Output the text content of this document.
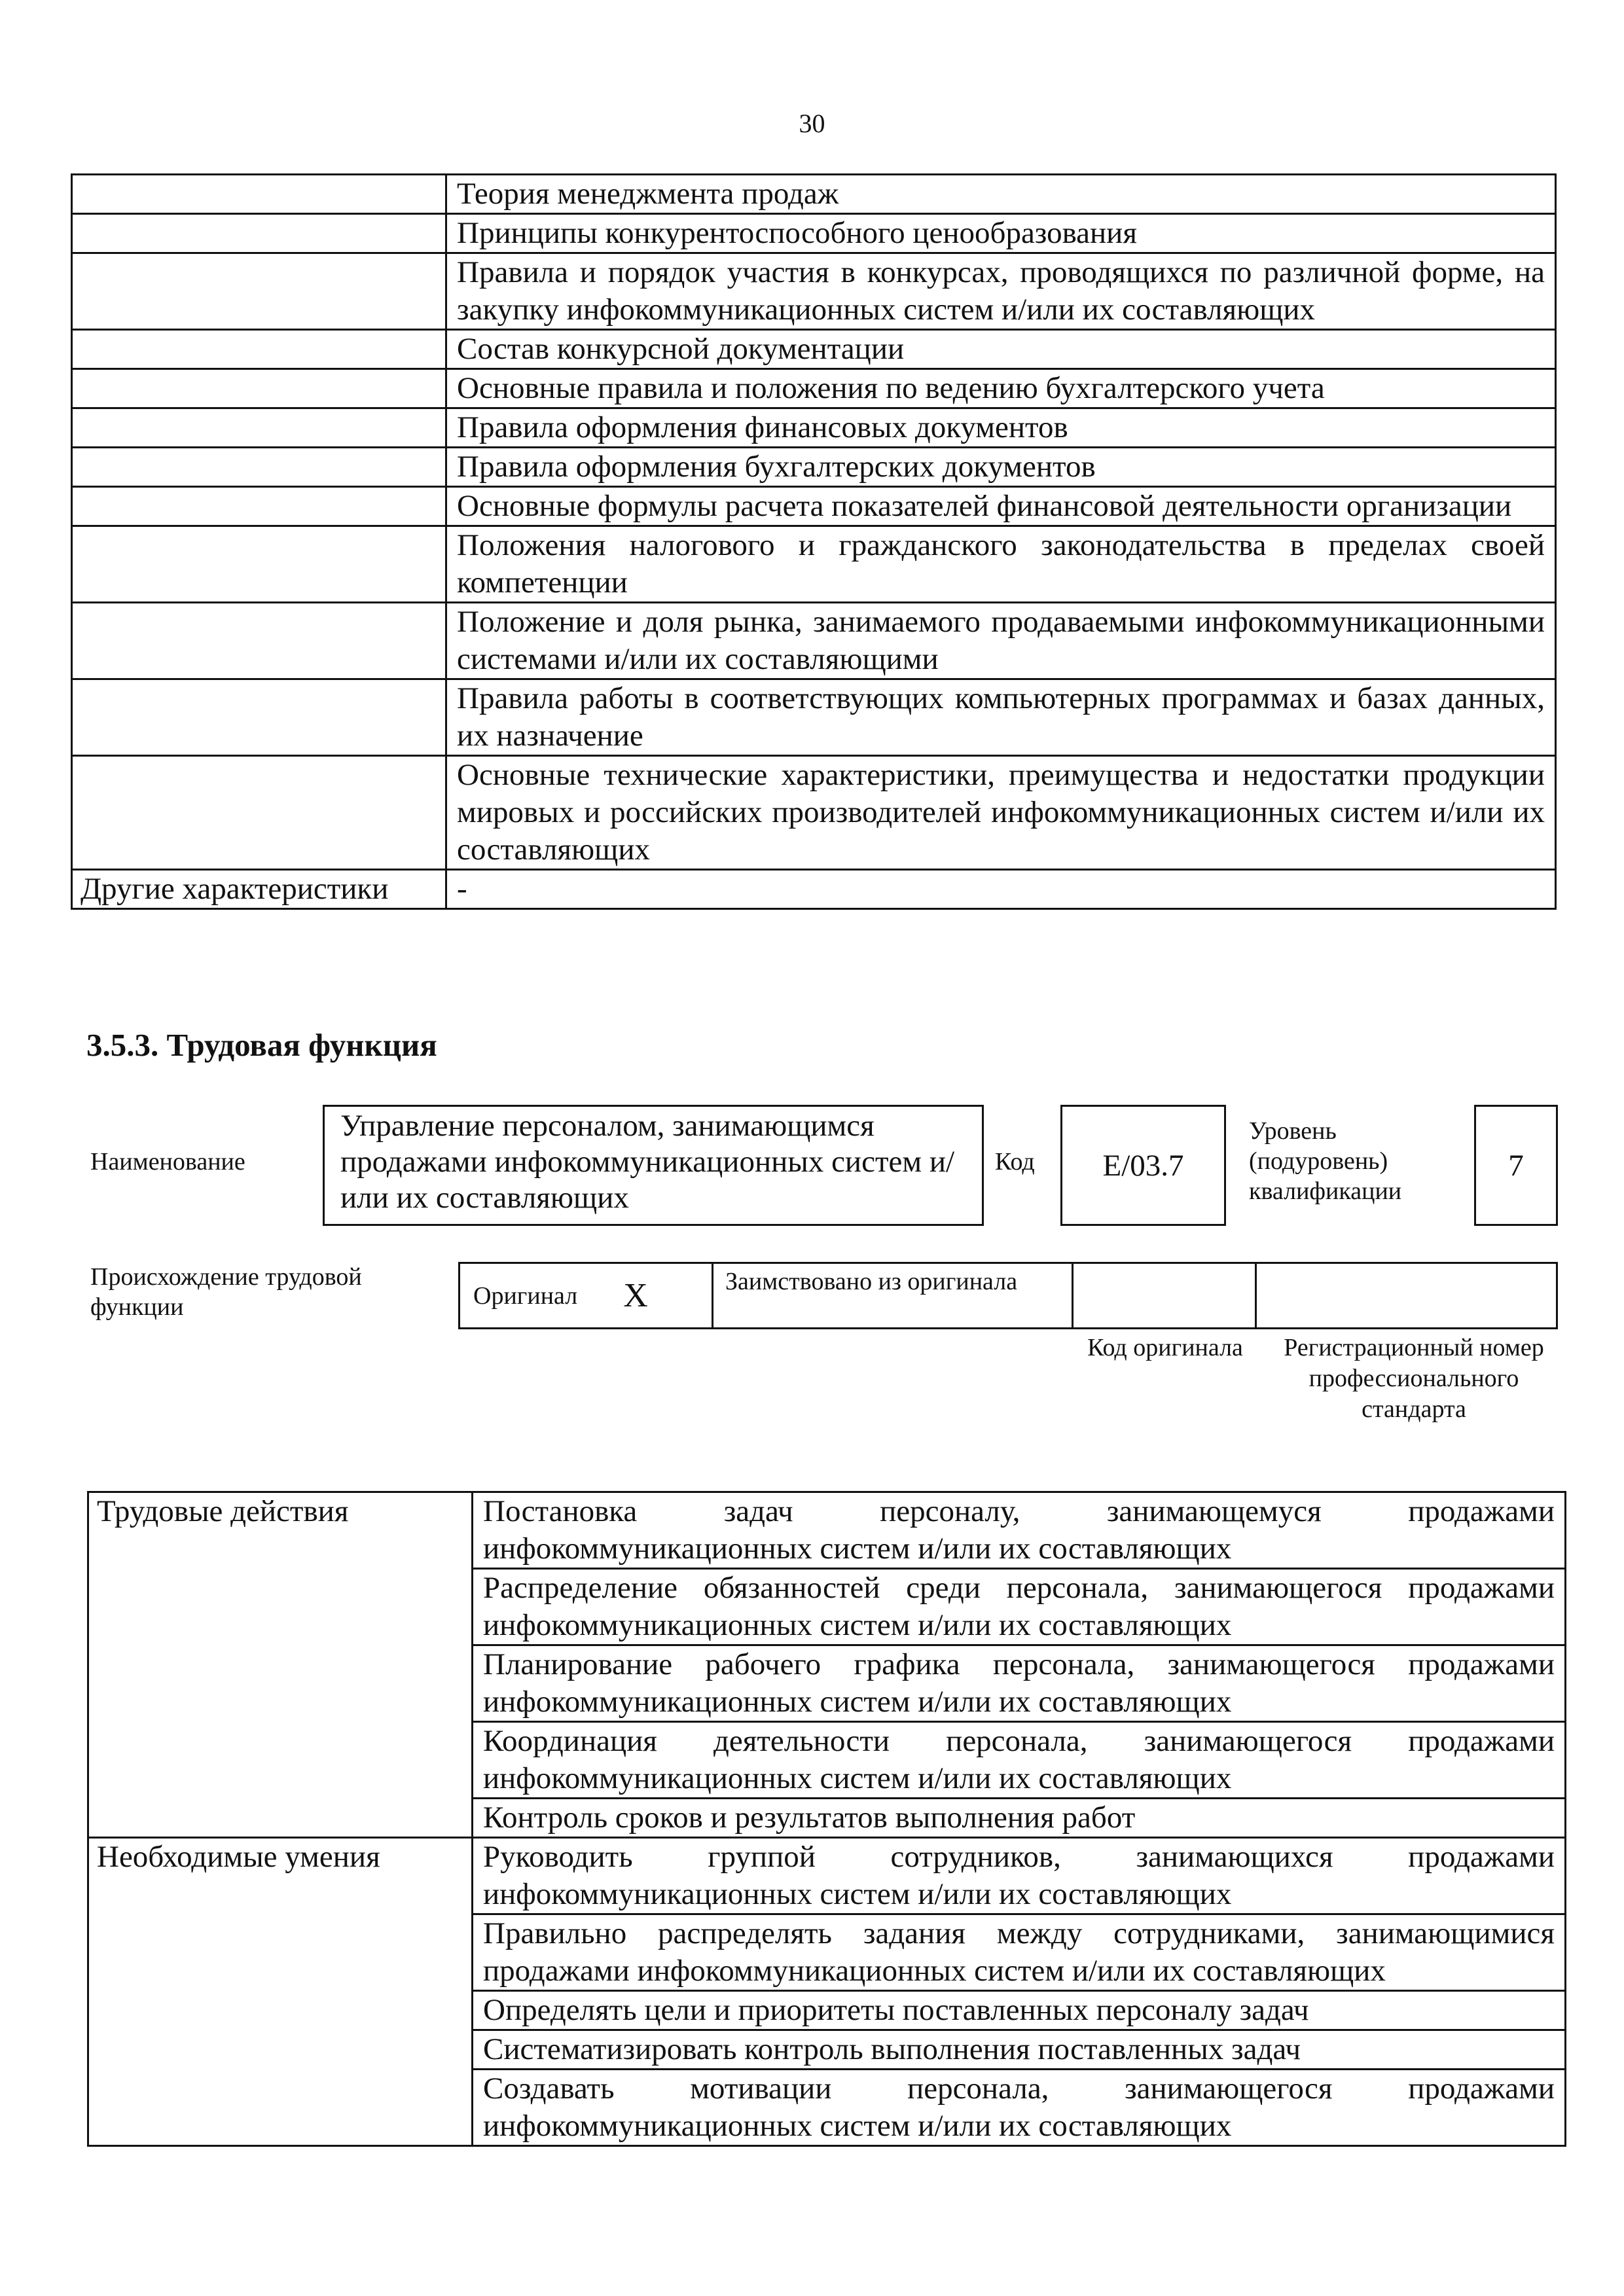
30
	Теория менеджмента продаж
	Принципы конкурентоспособного ценообразования
	Правила и порядок участия в конкурсах, проводящихся по различной форме, на закупку инфокоммуникационных систем и/или их составляющих
	Состав конкурсной документации
	Основные правила и положения по ведению бухгалтерского учета
	Правила оформления финансовых документов
	Правила оформления бухгалтерских документов
	Основные формулы расчета показателей финансовой деятельности организации
	Положения налогового и гражданского законодательства в пределах своей компетенции
	Положение и доля рынка, занимаемого продаваемыми инфокоммуникационными системами и/или их составляющими
	Правила работы в соответствующих компьютерных программах и базах данных, их назначение
	Основные технические характеристики, преимущества и недостатки продукции мировых и российских производителей инфокоммуникационных систем и/или их составляющих
Другие характеристики	-
3.5.3. Трудовая функция
Наименование
Управление персоналом, занимающимся продажами инфокоммуникационных систем и/или их составляющих
Код E/03.7
Уровень (подуровень) квалификации
7
Происхождение трудовой функции	Оригинал X	Заимствовано из оригинала
Код оригинала	Регистрационный номер профессионального стандарта
Трудовые действия	Постановка задач персоналу, занимающемуся продажами инфокоммуникационных систем и/или их составляющих
	Распределение обязанностей среди персонала, занимающегося продажами инфокоммуникационных систем и/или их составляющих
	Планирование рабочего графика персонала, занимающегося продажами инфокоммуникационных систем и/или их составляющих
	Координация деятельности персонала, занимающегося продажами инфокоммуникационных систем и/или их составляющих
	Контроль сроков и результатов выполнения работ
Необходимые умения	Руководить группой сотрудников, занимающихся продажами инфокоммуникационных систем и/или их составляющих
	Правильно распределять задания между сотрудниками, занимающимися продажами инфокоммуникационных систем и/или их составляющих
	Определять цели и приоритеты поставленных персоналу задач
	Систематизировать контроль выполнения поставленных задач
	Создавать мотивации персонала, занимающегося продажами инфокоммуникационных систем и/или их составляющих
